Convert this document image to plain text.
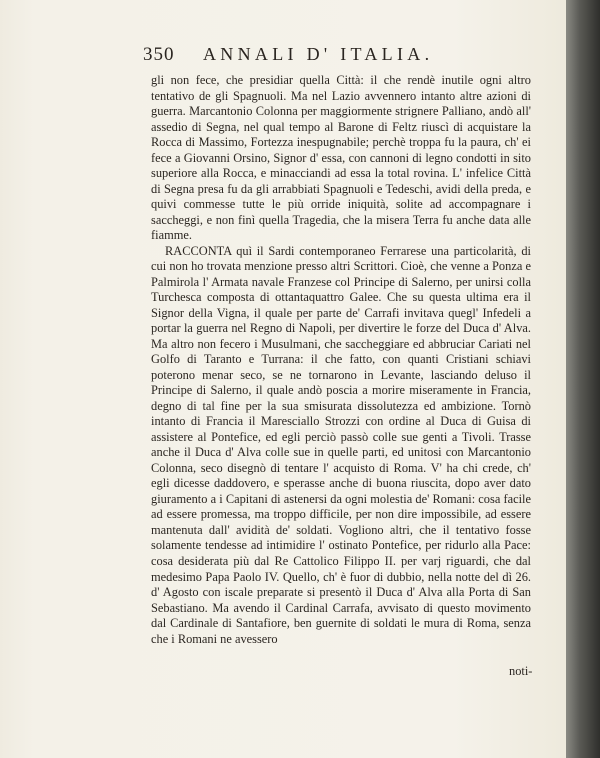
350 ANNALI D' ITALIA.

gli non fece, che presidiar quella Città: il che rendè inutile ogni altro tentativo de gli Spagnuoli. Ma nel Lazio avvennero intanto altre azioni di guerra. Marcantonio Colonna per maggiormente strignere Palliano, andò all' assedio di Segna, nel qual tempo al Barone di Feltz riuscì di acquistare la Rocca di Massimo, Fortezza inespugnabile; perchè troppa fu la paura, ch' ei fece a Giovanni Orsino, Signor d' essa, con cannoni di legno condotti in sito superiore alla Rocca, e minacciandi ad essa la total rovina. L' infelice Città di Segna presa fu da gli arrabbiati Spagnuoli e Tedeschi, avidi della preda, e quivi commesse tutte le più orride iniquità, solite ad accompagnare i saccheggi, e non finì quella Tragedia, che la misera Terra fu anche data alle fiamme.

RACCONTA quì il Sardi contemporaneo Ferrarese una particolarità, di cui non ho trovata menzione presso altri Scrittori. Cioè, che venne a Ponza e Palmirola l' Armata navale Franzese col Principe di Salerno, per unirsi colla Turchesca composta di ottantaquattro Galee. Che su questa ultima era il Signor della Vigna, il quale per parte de' Carrafi invitava quegl' Infedeli a portar la guerra nel Regno di Napoli, per divertire le forze del Duca d' Alva. Ma altro non fecero i Musulmani, che saccheggiare ed abbruciar Cariati nel Golfo di Taranto e Turrana: il che fatto, con quanti Cristiani schiavi poterono menar seco, se ne tornarono in Levante, lasciando deluso il Principe di Salerno, il quale andò poscia a morire miseramente in Francia, degno di tal fine per la sua smisurata dissolutezza ed ambizione. Tornò intanto di Francia il Maresciallo Strozzi con ordine al Duca di Guisa di assistere al Pontefice, ed egli perciò passò colle sue genti a Tivoli. Trasse anche il Duca d' Alva colle sue in quelle parti, ed unitosi con Marcantonio Colonna, seco disegnò di tentare l' acquisto di Roma. V' ha chi crede, ch' egli dicesse daddovero, e sperasse anche di buona riuscita, dopo aver dato giuramento a i Capitani di astenersi da ogni molestia de' Romani: cosa facile ad essere promessa, ma troppo difficile, per non dire impossibile, ad essere mantenuta dall' avidità de' soldati. Vogliono altri, che il tentativo fosse solamente tendesse ad intimidire l' ostinato Pontefice, per ridurlo alla Pace: cosa desiderata più dal Re Cattolico Filippo II. per varj riguardi, che dal medesimo Papa Paolo IV. Quello, ch' è fuor di dubbio, nella notte del dì 26. d' Agosto con iscale preparate si presentò il Duca d' Alva alla Porta di San Sebastiano. Ma avendo il Cardinal Carrafa, avvisato di questo movimento dal Cardinale di Santafiore, ben guernite di soldati le mura di Roma, senza che i Romani ne avessero

noti-
